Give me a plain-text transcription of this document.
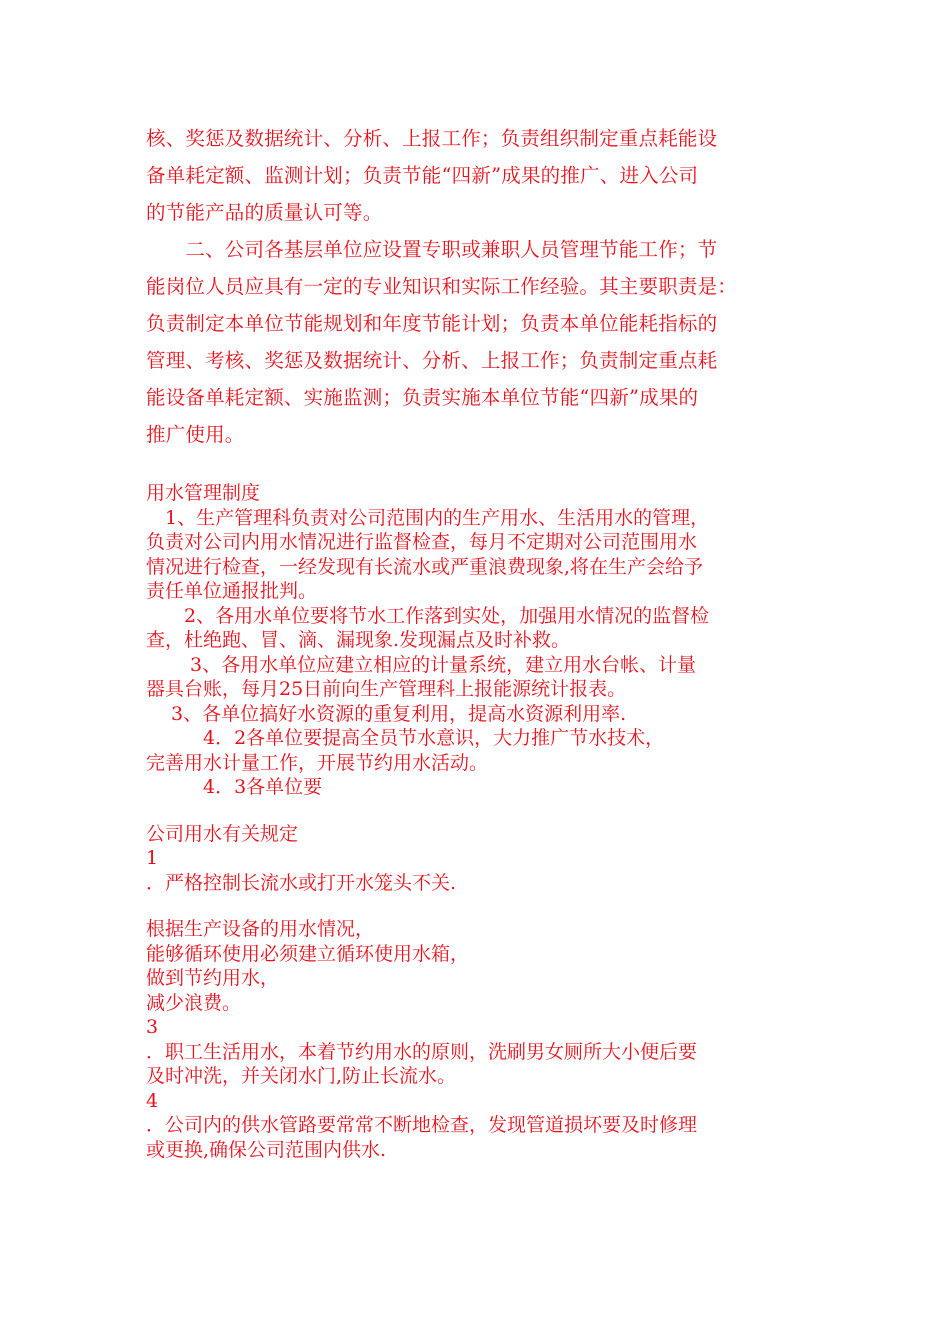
核、奖惩及数据统计、分析、上报工作；负责组织制定重点耗能设
备单耗定额、监测计划；负责节能“四新”成果的推广、进入公司
的节能产品的质量认可等。
　　二、公司各基层单位应设置专职或兼职人员管理节能工作；节
能岗位人员应具有一定的专业知识和实际工作经验。其主要职责是：
负责制定本单位节能规划和年度节能计划；负责本单位能耗指标的
管理、考核、奖惩及数据统计、分析、上报工作；负责制定重点耗
能设备单耗定额、实施监测；负责实施本单位节能“四新”成果的
推广使用。
用水管理制度
　1、生产管理科负责对公司范围内的生产用水、生活用水的管理，
负责对公司内用水情况进行监督检查，每月不定期对公司范围用水
情况进行检查，一经发现有长流水或严重浪费现象,将在生产会给予
责任单位通报批判。
　　2、各用水单位要将节水工作落到实处，加强用水情况的监督检
查，杜绝跑、冒、滴、漏现象.发现漏点及时补救。
　　 3、各用水单位应建立相应的计量系统，建立用水台帐、计量
器具台账，每月25日前向生产管理科上报能源统计报表。
　 3、各单位搞好水资源的重复利用，提高水资源利用率.
　　　4．2各单位要提高全员节水意识，大力推广节水技术，
完善用水计量工作，开展节约用水活动。
　　　4．3各单位要
公司用水有关规定
1
．严格控制长流水或打开水笼头不关.
根据生产设备的用水情况，
能够循环使用必须建立循环使用水箱，
做到节约用水，
减少浪费。
3
．职工生活用水，本着节约用水的原则，洗刷男女厕所大小便后要
及时冲洗，并关闭水门,防止长流水。
4
．公司内的供水管路要常常不断地检查，发现管道损坏要及时修理
或更换,确保公司范围内供水.
